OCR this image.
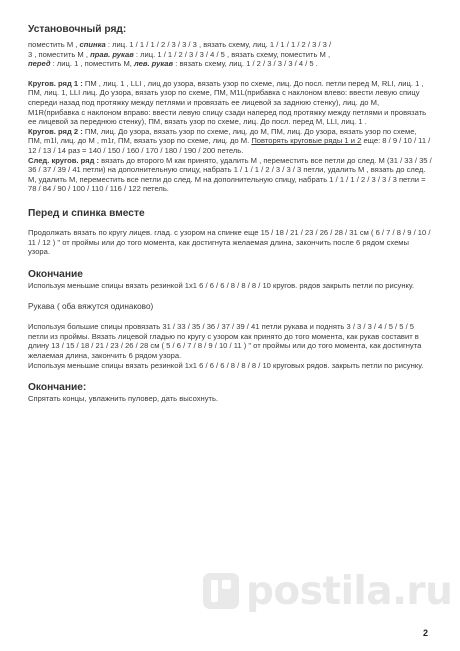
Установочный ряд:
поместить М , спинка : лиц. 1 / 1 / 1 / 2 / 3 / 3 / 3 , вязать схему, лиц. 1 / 1 / 1 / 2 / 3 / 3 /
3 , поместить М , прав. рукав : лиц. 1 / 1 / 2 / 3 / 3 / 4 / 5 , вязать схему, поместить М ,
перед : лиц. 1 , поместить М, лев. рукав : вязать схему, лиц. 1 / 2 / 3 / 3 / 3 / 4 / 5 .
Кругов. ряд 1 : ПМ , лиц. 1 , LLI , лиц до узора, вязать узор по схеме, лиц. До посл. петли перед М, RLI, лиц. 1 , ПМ, лиц. 1, LLI лиц. До узора, вязать узор по схеме, ПМ, M1L(прибавка с наклоном влево: ввести левую спицу спереди назад под протяжку между петлями и провязать ее лицевой за заднюю стенку), лиц. до М, M1R(прибавка с наклоном вправо: ввести левую спицу сзади наперед под протяжку между петлями и провязать ее лицевой за переднюю стенку), ПМ, вязать узор по схеме, лиц. До посл. перед М, LLI, лиц. 1 .
Кругов. ряд 2 : ПМ, лиц. До узора, вязать узор по схеме, лиц. до М, ПМ, лиц. До узора, вязать узор по схеме, ПМ, m1l, лиц. до М , m1r, ПМ, вязать узор по схеме, лиц. до М. Повторять круговые ряды 1 и 2 еще: 8 / 9 / 10 / 11 / 12 / 13 / 14 раз = 140 / 150 / 160 / 170 / 180 / 190 / 200 петель.
След. кругов. ряд : вязать до второго М как принято, удалить М , переместить все петли до след. М (31 / 33 / 35 / 36 / 37 / 39 / 41 петли) на дополнительную спицу, набрать 1 / 1 / 1 / 2 / 3 / 3 / 3 петли, удалить М , вязать до след. М, удалить М, переместить все петли до след. М на дополнительную спицу, набрать 1 / 1 / 1 / 2 / 3 / 3 / 3 петли = 78 / 84 / 90 / 100 / 110 / 116 / 122 петель.
Перед и спинка вместе
Продолжать вязать по кругу лицев. глад. с узором на спинке еще 15 / 18 / 21 / 23 / 26 / 28 / 31 см ( 6 / 7 / 8 / 9 / 10 / 11 / 12 ) " от проймы или до того момента, как достигнута желаемая длина, закончить после 6 рядом схемы узора.
Окончание
Используя меньшие спицы вязать резинкой 1х1 6 / 6 / 6 / 8 / 8 / 8 / 10 кругов. рядов закрыть петли по рисунку.
Рукава ( оба вяжутся одинаково)
Используя большие спицы провязать 31 / 33 / 35 / 36 / 37 / 39 / 41 петли рукава и поднять 3 / 3 / 3 / 4 / 5 / 5 / 5 петли из проймы. Вязать лицевой гладью по кругу с узором как принято до того момента, как рукав составит в длину 13 / 15 / 18 / 21 / 23 / 26 / 28 см ( 5 / 6 / 7 / 8 / 9 / 10 / 11 ) " от проймы или до того момента, как достигнута желаемая длина, закончить 6 рядом узора.
Используя меньшие спицы вязать резинкой 1х1 6 / 6 / 6 / 8 / 8 / 8 / 10 круговых рядов. закрыть петли по рисунку.
Окончание:
Спрятать концы, увлажнить пуловер, дать высохнуть.
postila.ru
2
